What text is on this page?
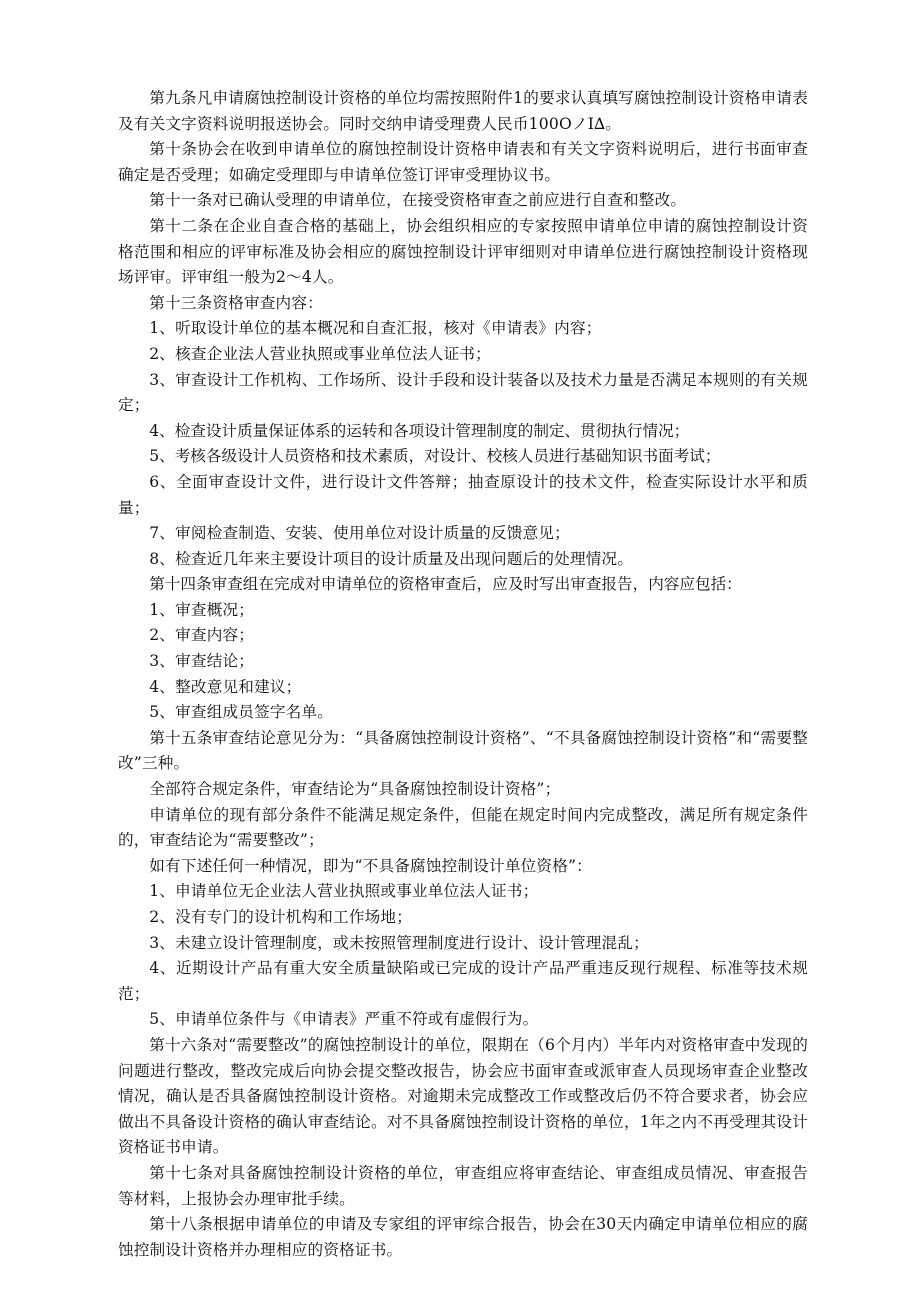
第九条凡申请腐蚀控制设计资格的单位均需按照附件1的要求认真填写腐蚀控制设计资格申请表及有关文字资料说明报送协会。同时交纳申请受理费人民币100OノI∆。

第十条协会在收到申请单位的腐蚀控制设计资格申请表和有关文字资料说明后，进行书面审查确定是否受理；如确定受理即与申请单位签订评审受理协议书。

第十一条对已确认受理的申请单位，在接受资格审查之前应进行自查和整改。

第十二条在企业自查合格的基础上，协会组织相应的专家按照申请单位申请的腐蚀控制设计资格范围和相应的评审标准及协会相应的腐蚀控制设计评审细则对申请单位进行腐蚀控制设计资格现场评审。评审组一般为2〜4人。

第十三条资格审查内容：

1、听取设计单位的基本概况和自查汇报，核对《申请表》内容；

2、核查企业法人营业执照或事业单位法人证书；

3、审查设计工作机构、工作场所、设计手段和设计装备以及技术力量是否满足本规则的有关规定；

4、检查设计质量保证体系的运转和各项设计管理制度的制定、贯彻执行情况；

5、考核各级设计人员资格和技术素质，对设计、校核人员进行基础知识书面考试；

6、全面审查设计文件，进行设计文件答辩；抽查原设计的技术文件，检查实际设计水平和质量；

7、审阅检查制造、安装、使用单位对设计质量的反馈意见；

8、检查近几年来主要设计项目的设计质量及出现问题后的处理情况。

第十四条审查组在完成对申请单位的资格审查后，应及时写出审查报告，内容应包括：

1、审查概况；

2、审查内容；

3、审查结论；

4、整改意见和建议；

5、审查组成员签字名单。

第十五条审查结论意见分为：“具备腐蚀控制设计资格”、“不具备腐蚀控制设计资格”和“需要整改”三种。

全部符合规定条件，审查结论为“具备腐蚀控制设计资格”；

申请单位的现有部分条件不能满足规定条件，但能在规定时间内完成整改，满足所有规定条件的，审查结论为“需要整改”；

如有下述任何一种情况，即为“不具备腐蚀控制设计单位资格”：

1、申请单位无企业法人营业执照或事业单位法人证书；

2、没有专门的设计机构和工作场地；

3、未建立设计管理制度，或未按照管理制度进行设计、设计管理混乱；

4、近期设计产品有重大安全质量缺陷或已完成的设计产品严重违反现行规程、标准等技术规范；

5、申请单位条件与《申请表》严重不符或有虚假行为。

第十六条对“需要整改”的腐蚀控制设计的单位，限期在（6个月内）半年内对资格审查中发现的问题进行整改，整改完成后向协会提交整改报告，协会应书面审查或派审查人员现场审查企业整改情况，确认是否具备腐蚀控制设计资格。对逾期未完成整改工作或整改后仍不符合要求者，协会应做出不具备设计资格的确认审查结论。对不具备腐蚀控制设计资格的单位，1年之内不再受理其设计资格证书申请。

第十七条对具备腐蚀控制设计资格的单位，审查组应将审查结论、审查组成员情况、审查报告等材料，上报协会办理审批手续。

第十八条根据申请单位的申请及专家组的评审综合报告，协会在30天内确定申请单位相应的腐蚀控制设计资格并办理相应的资格证书。
